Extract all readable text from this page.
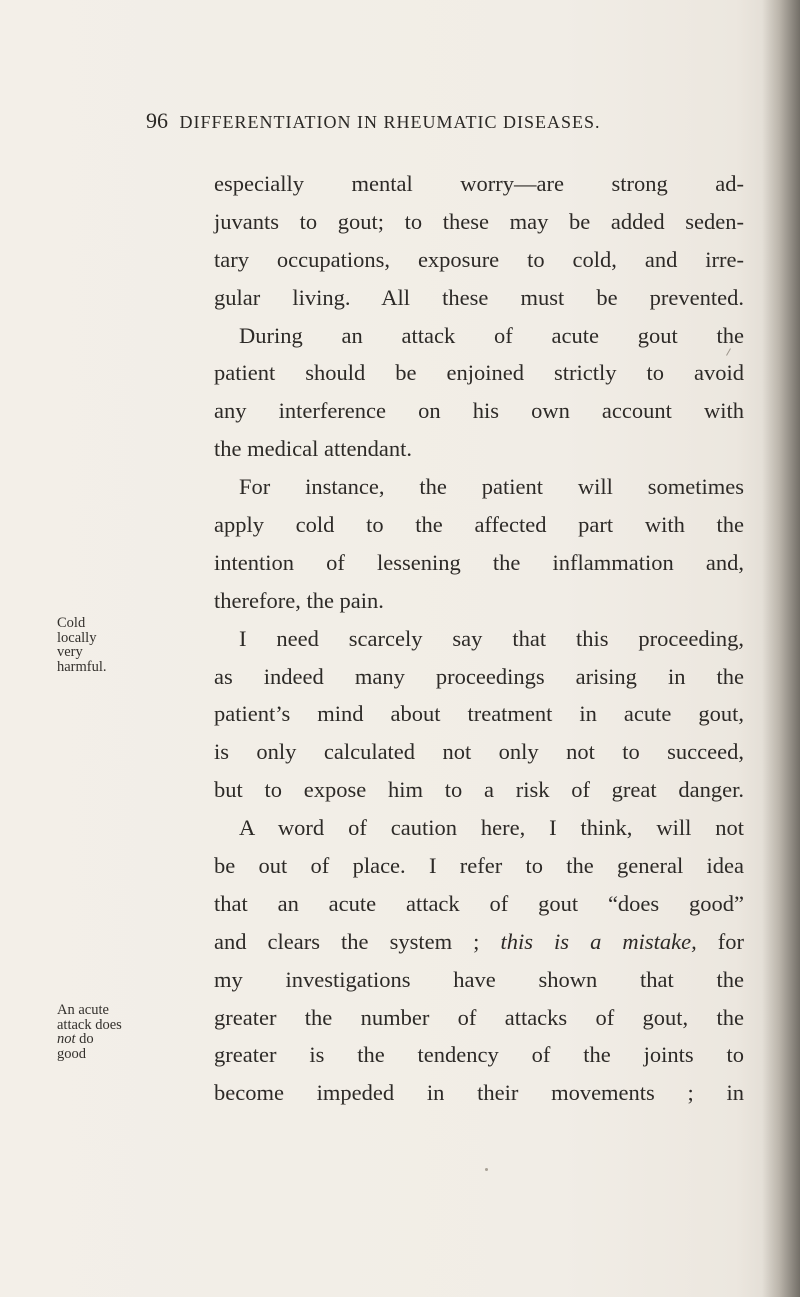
96 DIFFERENTIATION IN RHEUMATIC DISEASES.
especially mental worry—are strong ad-
juvants to gout; to these may be added seden-
tary occupations, exposure to cold, and irre-
gular living. All these must be prevented.
During an attack of acute gout the
patient should be enjoined strictly to avoid
any interference on his own account with
the medical attendant.
For instance, the patient will sometimes
apply cold to the affected part with the
intention of lessening the inflammation and,
therefore, the pain.
I need scarcely say that this proceeding,
as indeed many proceedings arising in the
patient’s mind about treatment in acute gout,
is only calculated not only not to succeed,
but to expose him to a risk of great danger.
A word of caution here, I think, will not
be out of place. I refer to the general idea
that an acute attack of gout “does good”
and clears the system ; this is a mistake, for
my investigations have shown that the
greater the number of attacks of gout, the
greater is the tendency of the joints to
become impeded in their movements ; in
Cold
locally
very
harmful.
An acute
attack does
not do
good
